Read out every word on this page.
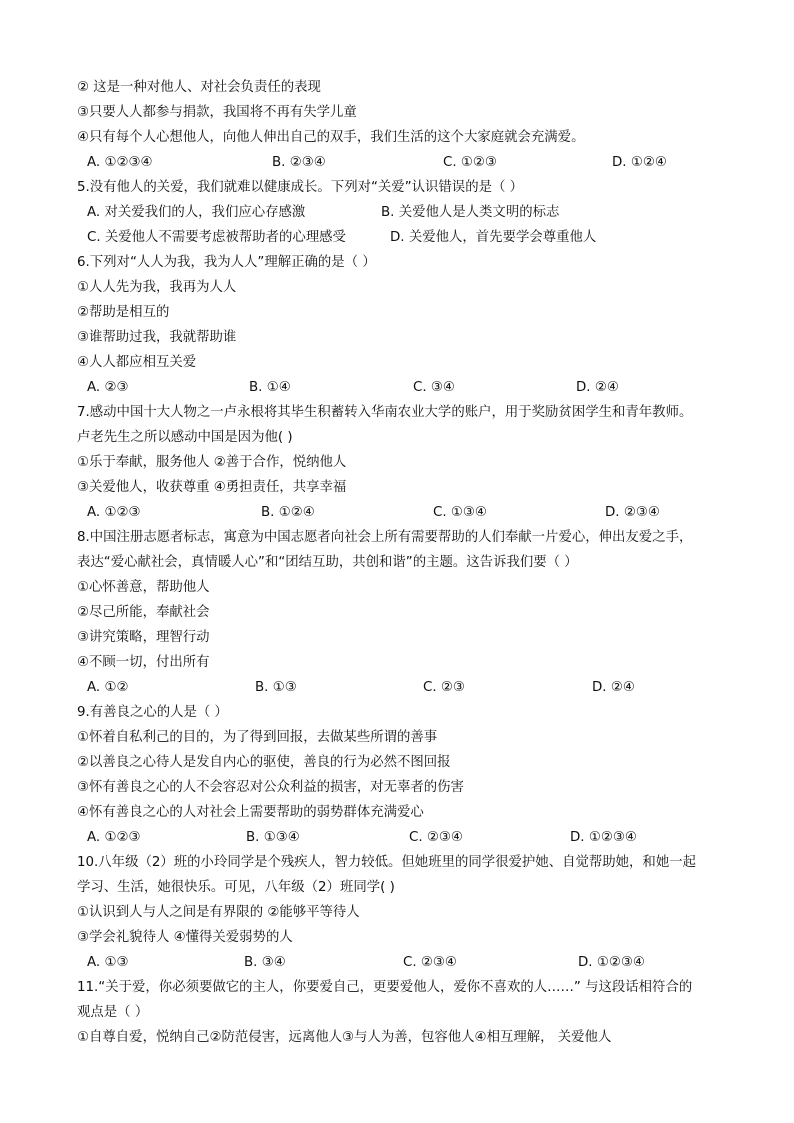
② 这是一种对他人、对社会负责任的表现
③只要人人都参与捐款，我国将不再有失学儿童
④只有每个人心想他人，向他人伸出自己的双手，我们生活的这个大家庭就会充满爱。
A. ①②③④	B. ②③④	C. ①②③	D. ①②④
5.没有他人的关爱，我们就难以健康成长。下列对“关爱”认识错误的是（ ）
A. 对关爱我们的人，我们应心存感激	B. 关爱他人是人类文明的标志
C. 关爱他人不需要考虑被帮助者的心理感受	D. 关爱他人，首先要学会尊重他人
6.下列对“人人为我，我为人人”理解正确的是（ ）
①人人先为我，我再为人人
②帮助是相互的
③谁帮助过我，我就帮助谁
④人人都应相互关爱
A. ②③	B. ①④	C. ③④	D. ②④
7.感动中国十大人物之一卢永根将其毕生积蓄转入华南农业大学的账户，用于奖励贫困学生和青年教师。
卢老先生之所以感动中国是因为他( )
①乐于奉献，服务他人 ②善于合作，悦纳他人
③关爱他人，收获尊重 ④勇担责任，共享幸福
A. ①②③	B. ①②④	C. ①③④	D. ②③④
8.中国注册志愿者标志，寓意为中国志愿者向社会上所有需要帮助的人们奉献一片爱心，伸出友爱之手，
表达“爱心献社会，真情暖人心”和“团结互助，共创和谐”的主题。这告诉我们要（ ）
①心怀善意，帮助他人
②尽己所能，奉献社会
③讲究策略，理智行动
④不顾一切，付出所有
A. ①②	B. ①③	C. ②③	D. ②④
9.有善良之心的人是（ ）
①怀着自私利己的目的，为了得到回报，去做某些所谓的善事
②以善良之心待人是发自内心的驱使，善良的行为必然不图回报
③怀有善良之心的人不会容忍对公众利益的损害，对无辜者的伤害
④怀有善良之心的人对社会上需要帮助的弱势群体充满爱心
A. ①②③	B. ①③④	C. ②③④	D. ①②③④
10.八年级（2）班的小玲同学是个残疾人，智力较低。但她班里的同学很爱护她、自觉帮助她，和她一起
学习、生活，她很快乐。可见，八年级（2）班同学( )
①认识到人与人之间是有界限的 ②能够平等待人
③学会礼貌待人 ④懂得关爱弱势的人
A. ①③	B. ③④	C. ②③④	D. ①②③④
11.“关于爱，你必须要做它的主人，你要爱自己，更要爱他人，爱你不喜欢的人……” 与这段话相符合的
观点是（ ）
①自尊自爱，悦纳自己②防范侵害，远离他人③与人为善，包容他人④相互理解， 关爱他人
